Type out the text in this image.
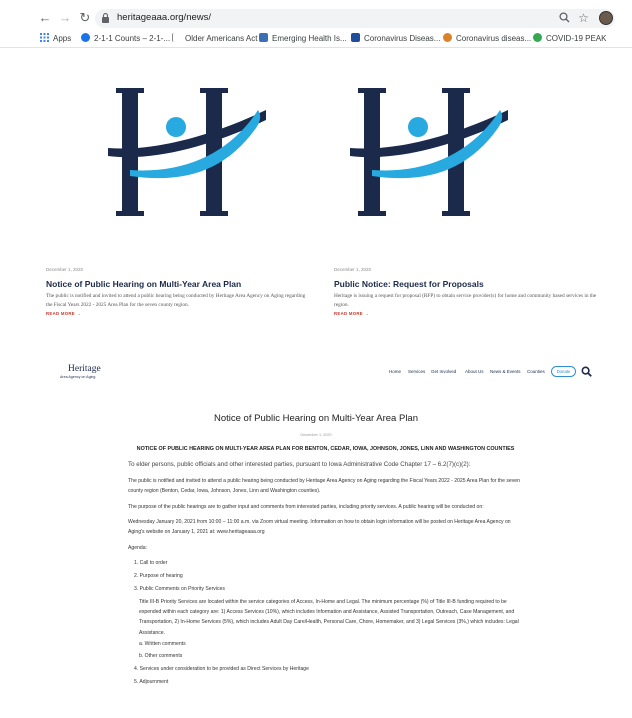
← → ↻	heritageaaa.org/news/	☆
Apps	2-1-1 Counts – 2-1-...	Older Americans Act	Emerging Health Is...	Coronavirus Diseas...	Coronavirus diseas...	COVID-19 PEAK
December 1, 2020
Notice of Public Hearing on Multi-Year Area Plan
The public is notified and invited to attend a public hearing being conducted by Heritage Area Agency on Aging regarding the Fiscal Years 2022 - 2025 Area Plan for the seven county region.
READ MORE →
December 1, 2020
Public Notice: Request for Proposals
Heritage is issuing a request for proposal (RFP) to obtain service provider(s) for home and community based services in the region.
READ MORE →
Heritage
Area Agency on Aging
Home Services Get Involved About Us News & Events Counties	Donate
Notice of Public Hearing on Multi-Year Area Plan
December 1, 2020
NOTICE OF PUBLIC HEARING ON MULTI-YEAR AREA PLAN FOR BENTON, CEDAR, IOWA, JOHNSON, JONES, LINN AND WASHINGTON COUNTIES
To elder persons, public officials and other interested parties, pursuant to Iowa Administrative Code Chapter 17 – 6.2(7)(c)(2):
The public is notified and invited to attend a public hearing being conducted by Heritage Area Agency on Aging regarding the Fiscal Years 2022 - 2025 Area Plan for the seven county region (Benton, Cedar, Iowa, Johnson, Jones, Linn and Washington counties).
The purpose of the public hearings are to gather input and comments from interested parties, including priority services. A public hearing will be conducted on:
Wednesday January 20, 2021 from 10:00 – 11:00 a.m. via Zoom virtual meeting. Information on how to obtain login information will be posted on Heritage Area Agency on Aging's website on January 1, 2021 at: www.heritageaaa.org
Agenda:
1. Call to order
2. Purpose of hearing
3. Public Comments on Priority Services
Title III-B Priority Services are located within the service categories of Access, In-Home and Legal. The minimum percentage (%) of Title III-B funding required to be expended within each category are: 1) Access Services (10%), which includes Information and Assistance, Assisted Transportation, Outreach, Case Management, and Transportation, 2) In-Home Services (5%), which includes Adult Day Care/Health, Personal Care, Chore, Homemaker, and 3) Legal Services (3%,) which includes: Legal Assistance.
a. Written comments
b. Other comments
4. Services under consideration to be provided as Direct Services by Heritage
5. Adjournment
